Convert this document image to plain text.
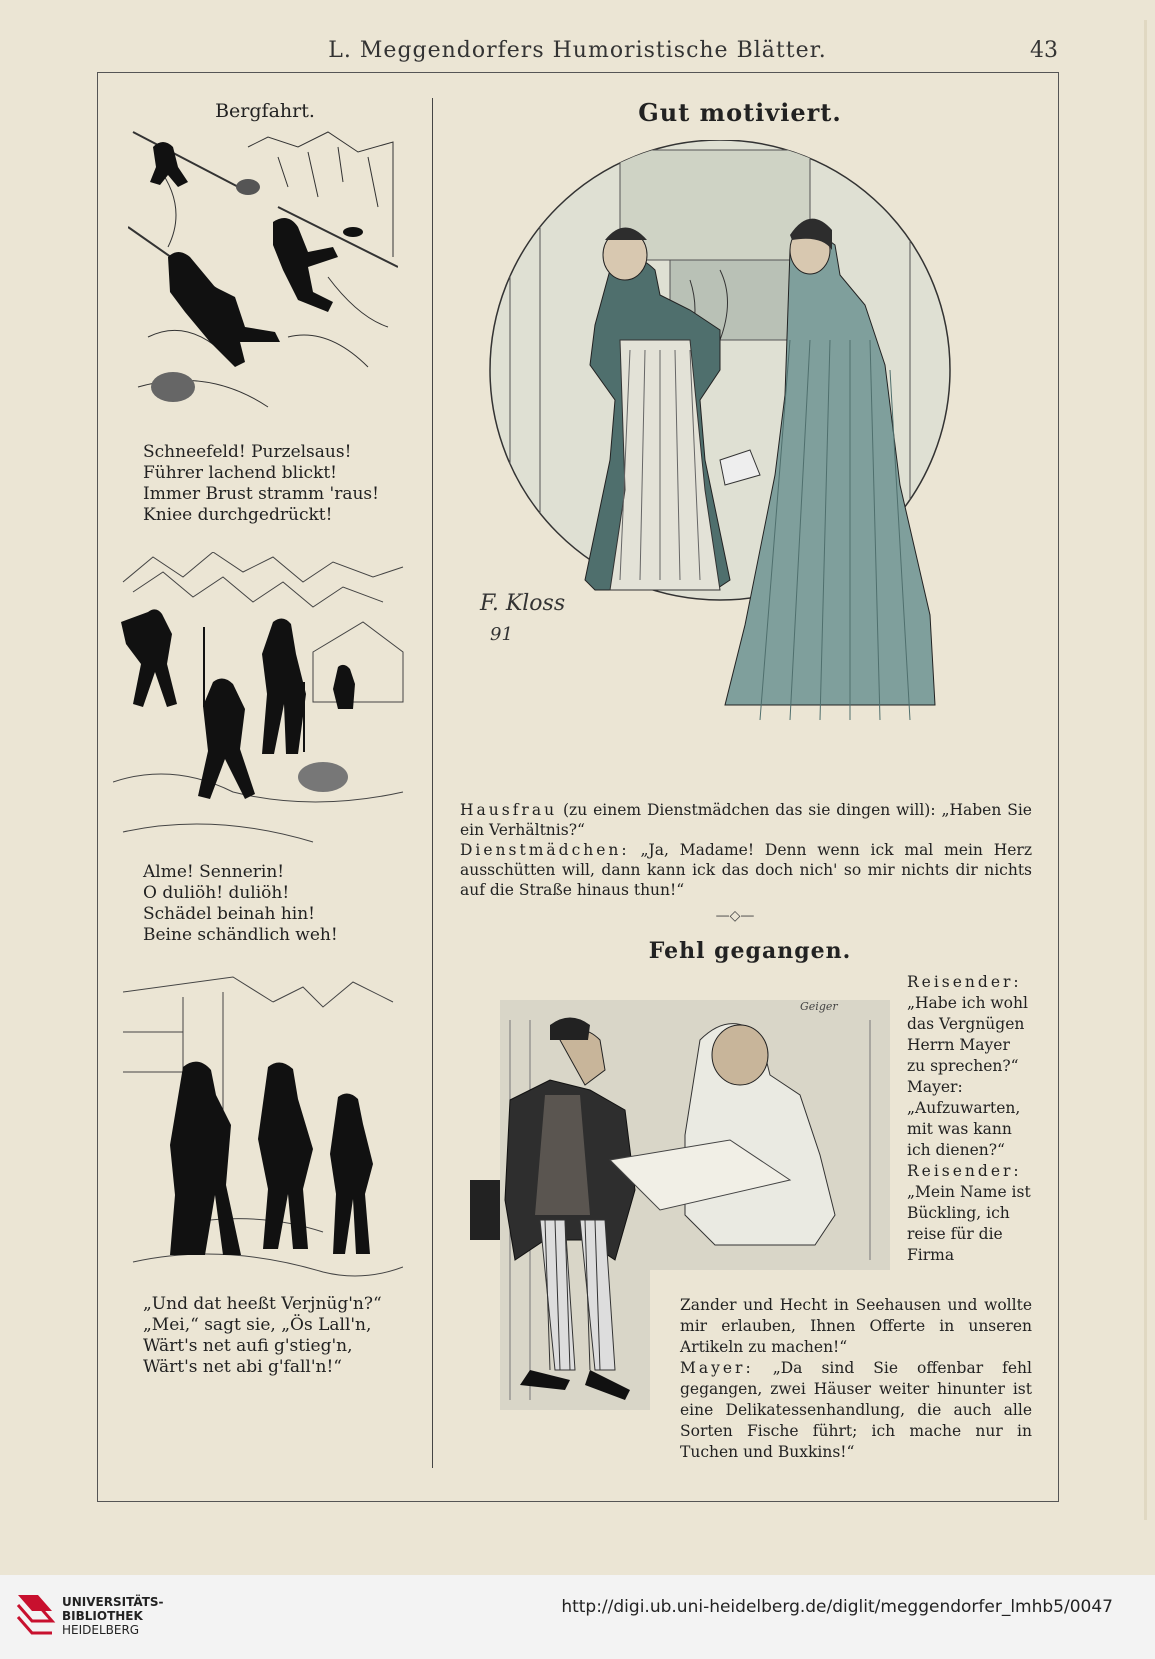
L. Meggendorfers Humoristische Blätter.	43
Bergfahrt.
Schneefeld! Purzelsaus!
Führer lachend blickt!
Immer Brust stramm 'raus!
Kniee durchgedrückt!
Alme! Sennerin!
O duliöh! duliöh!
Schädel beinah hin!
Beine schändlich weh!
„Und dat heeßt Verjnüg'n?“
„Mei,“ sagt sie, „Ös Lall'n,
Wärt's net aufi g'stieg'n,
Wärt's net abi g'fall'n!“
Gut motiviert.
F. Kloss
91

Hausfrau (zu einem Dienstmädchen das sie dingen will): „Haben Sie ein Verhältnis?“

Dienstmädchen: „Ja, Madame! Denn wenn ick mal mein Herz ausschütten will, dann kann ick das doch nich' so mir nichts dir nichts auf die Straße hinaus thun!“

—◇—
Fehl gegangen.
Geiger

Reisender: „Habe ich wohl das Vergnügen Herrn Mayer zu sprechen?“

Mayer: „Aufzuwarten, mit was kann ich dienen?“

Reisender: „Mein Name ist Bückling, ich reise für die Firma

Zander und Hecht in Seehausen und wollte mir erlauben, Ihnen Offerte in unseren Artikeln zu machen!“

Mayer: „Da sind Sie offenbar fehl gegangen, zwei Häuser weiter hinunter ist eine Delikatessenhandlung, die auch alle Sorten Fische führt; ich mache nur in Tuchen und Buxkins!“

UNIVERSITÄTS-
BIBLIOTHEK
HEIDELBERG
http://digi.ub.uni-heidelberg.de/diglit/meggendorfer_lmhb5/0047
